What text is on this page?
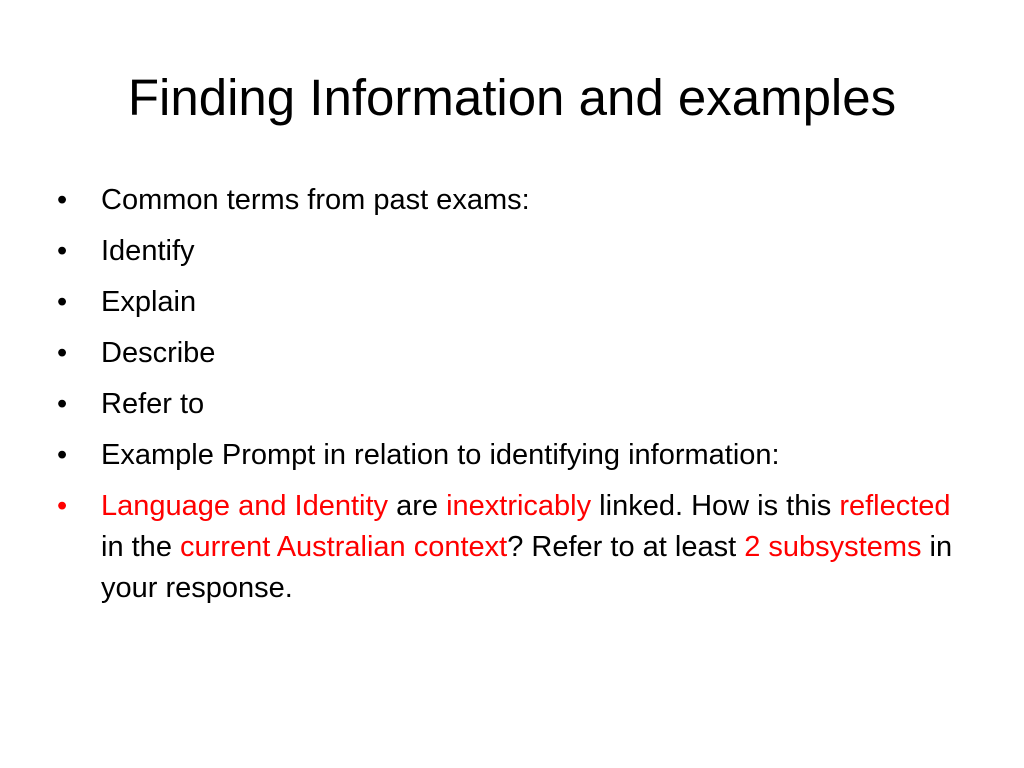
Finding Information and examples
•	Common terms from past exams:
•	Identify
•	Explain
•	Describe
•	Refer to
•	Example Prompt in relation to identifying information:
•	Language and Identity are inextricably linked. How is this reflected in the current Australian context? Refer to at least 2 subsystems in your response.
